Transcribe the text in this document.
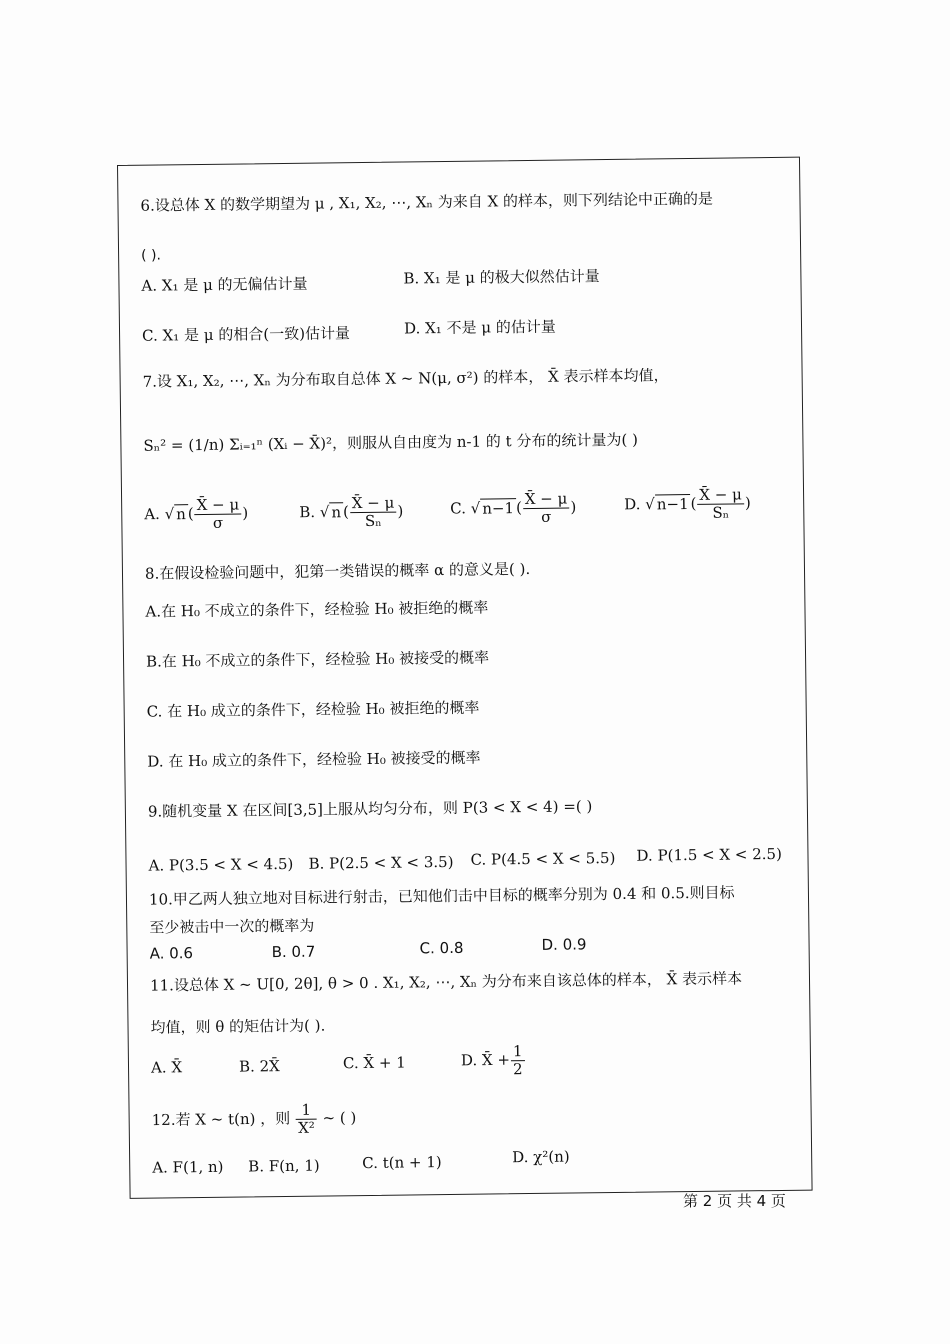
6.设总体 X 的数学期望为 μ , X₁, X₂, ⋯, Xₙ 为来自 X 的样本，则下列结论中正确的是
( ).
A. X₁ 是 μ 的无偏估计量	B. X₁ 是 μ 的极大似然估计量
C. X₁ 是 μ 的相合(一致)估计量	D. X₁ 不是 μ 的估计量
7.设 X₁, X₂, ⋯, Xₙ 为分布取自总体 X ~ N(μ, σ²) 的样本， X̄ 表示样本均值，
Sₙ² = (1/n) Σᵢ₌₁ⁿ (Xᵢ − X̄)²，则服从自由度为 n-1 的 t 分布的统计量为( )
A. √ n ( $\frac{X̄ - \mu}{\sigma}$ )	B. √ n ( $\frac{X̄ - \mu}{\text{Sₙ}}$ )	C. √ n−1 ( $\frac{X̄ - \mu}{\sigma}$ )	D. √ n−1 ( $\frac{X̄ - \mu}{\text{Sₙ}}$ )
8.在假设检验问题中，犯第一类错误的概率 α 的意义是( ).
A.在 H₀ 不成立的条件下，经检验 H₀ 被拒绝的概率
B.在 H₀ 不成立的条件下，经检验 H₀ 被接受的概率
C. 在 H₀ 成立的条件下，经检验 H₀ 被拒绝的概率
D. 在 H₀ 成立的条件下，经检验 H₀ 被接受的概率
9.随机变量 X 在区间[3,5]上服从均匀分布，则 P(3 < X < 4) =( )
A. P(3.5 < X < 4.5) B. P(2.5 < X < 3.5) C. P(4.5 < X < 5.5) D. P(1.5 < X < 2.5)
10.甲乙两人独立地对目标进行射击，已知他们击中目标的概率分别为 0.4 和 0.5.则目标
至少被击中一次的概率为
A. 0.6	B. 0.7	C. 0.8	D. 0.9
11.设总体 X ~ U[0, 2θ], θ > 0 . X₁, X₂, ⋯, Xₙ 为分布来自该总体的样本， X̄ 表示样本
均值，则 θ 的矩估计为( ).
A. X̄	B. 2X̄	C. X̄ + 1	D. X̄ + $\frac{1}{2}$
12.若 X ~ t(n) ，则 $\frac{1}{\text{X²}}$ ~ ( )
A. F(1, n) B. F(n, 1)	C. t(n + 1)	D. χ²(n)
第 2 页 共 4 页
